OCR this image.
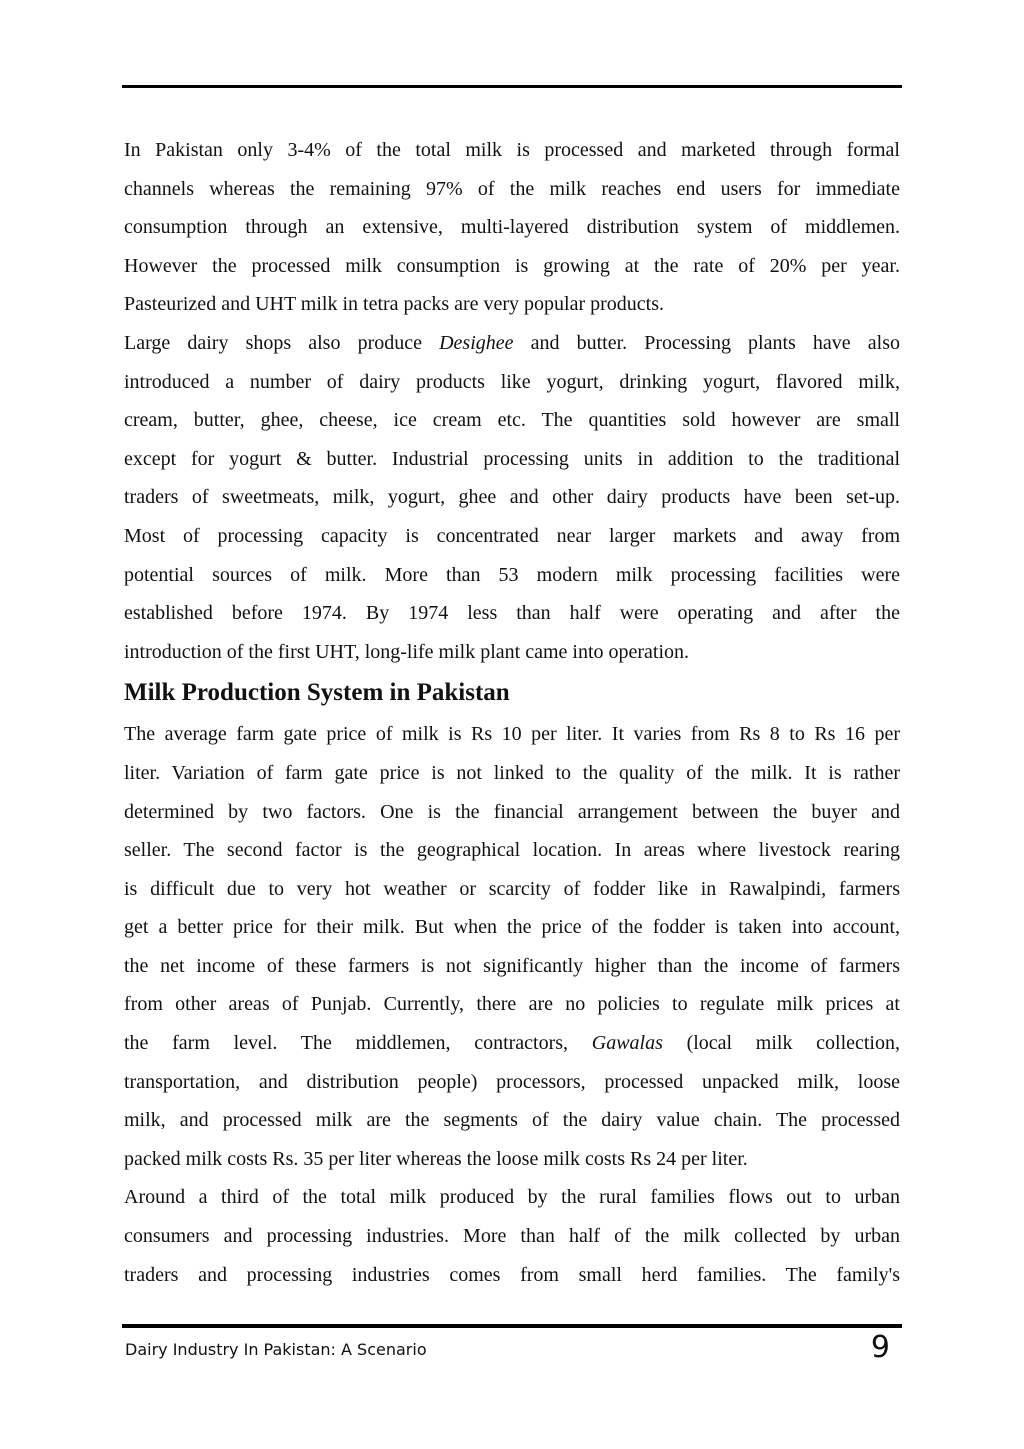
In Pakistan only 3-4% of the total milk is processed and marketed through formal
channels whereas the remaining 97% of the milk reaches end users for immediate
consumption through an extensive, multi-layered distribution system of middlemen.
However the processed milk consumption is growing at the rate of 20% per year.
Pasteurized and UHT milk in tetra packs are very popular products.

Large dairy shops also produce Desighee and butter. Processing plants have also
introduced a number of dairy products like yogurt, drinking yogurt, flavored milk,
cream, butter, ghee, cheese, ice cream etc. The quantities sold however are small
except for yogurt & butter. Industrial processing units in addition to the traditional
traders of sweetmeats, milk, yogurt, ghee and other dairy products have been set-up.
Most of processing capacity is concentrated near larger markets and away from
potential sources of milk. More than 53 modern milk processing facilities were
established before 1974. By 1974 less than half were operating and after the
introduction of the first UHT, long-life milk plant came into operation.

Milk Production System in Pakistan

The average farm gate price of milk is Rs 10 per liter. It varies from Rs 8 to Rs 16 per
liter. Variation of farm gate price is not linked to the quality of the milk. It is rather
determined by two factors. One is the financial arrangement between the buyer and
seller. The second factor is the geographical location. In areas where livestock rearing
is difficult due to very hot weather or scarcity of fodder like in Rawalpindi, farmers
get a better price for their milk. But when the price of the fodder is taken into account,
the net income of these farmers is not significantly higher than the income of farmers
from other areas of Punjab. Currently, there are no policies to regulate milk prices at
the farm level. The middlemen, contractors, Gawalas (local milk collection,
transportation, and distribution people) processors, processed unpacked milk, loose
milk, and processed milk are the segments of the dairy value chain. The processed
packed milk costs Rs. 35 per liter whereas the loose milk costs Rs 24 per liter.

Around a third of the total milk produced by the rural families flows out to urban
consumers and processing industries. More than half of the milk collected by urban
traders and processing industries comes from small herd families. The family's

Dairy Industry In Pakistan: A Scenario	9
